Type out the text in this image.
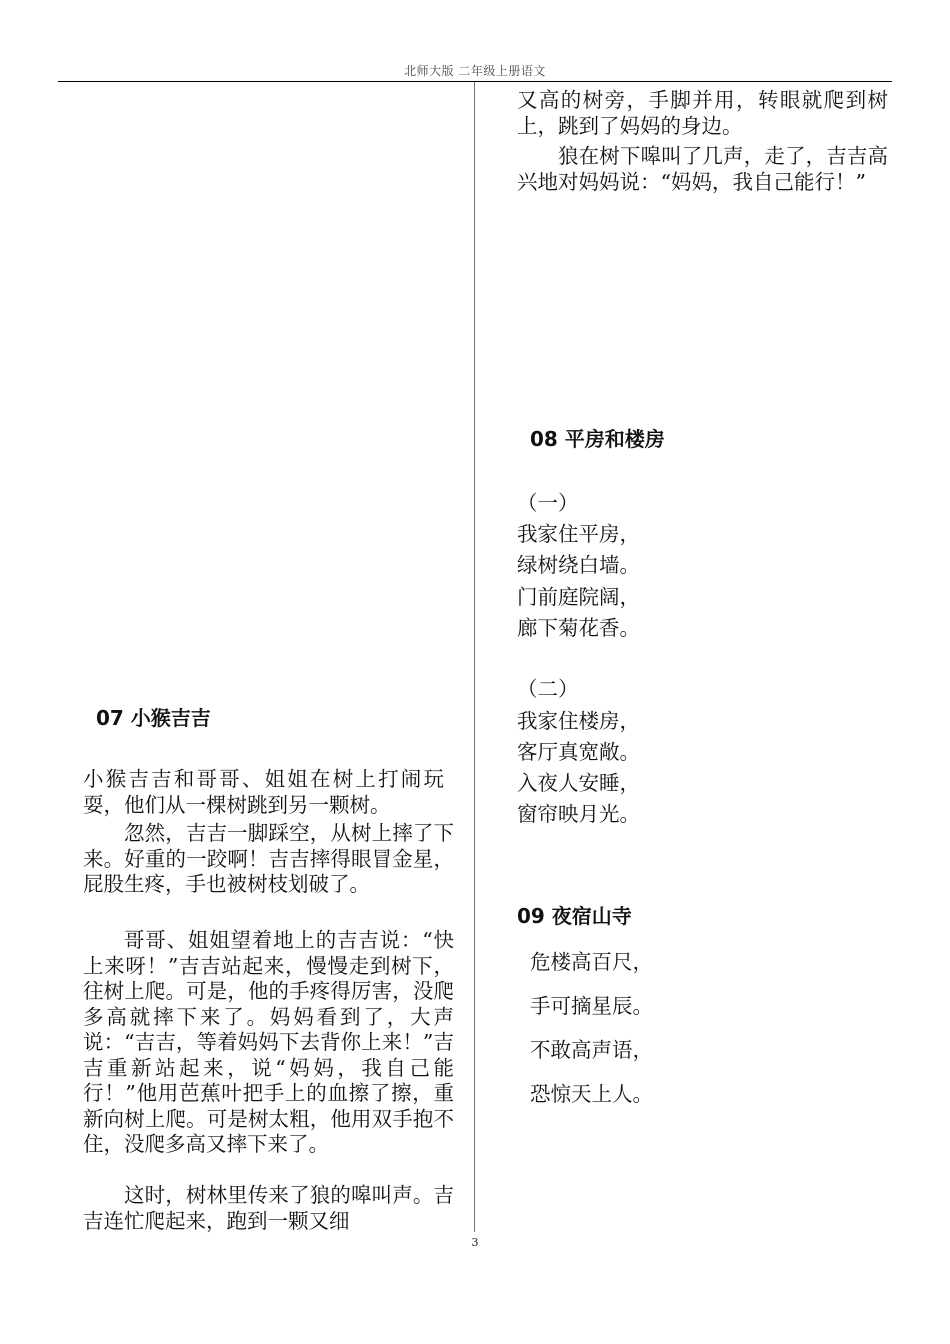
北师大版 二年级上册语文
07 小猴吉吉

小猴吉吉和哥哥、姐姐在树上打闹玩耍，他们从一棵树跳到另一颗树。

忽然，吉吉一脚踩空，从树上摔了下来。好重的一跤啊！吉吉摔得眼冒金星，屁股生疼，手也被树枝划破了。

哥哥、姐姐望着地上的吉吉说：“快上来呀！”吉吉站起来，慢慢走到树下，往树上爬。可是，他的手疼得厉害，没爬多高就摔下来了。妈妈看到了，大声说：“吉吉，等着妈妈下去背你上来！”吉吉重新站起来，说“妈妈，我自己能行！”他用芭蕉叶把手上的血擦了擦，重新向树上爬。可是树太粗，他用双手抱不住，没爬多高又摔下来了。

这时，树林里传来了狼的嗥叫声。吉吉连忙爬起来，跑到一颗又细

又高的树旁，手脚并用，转眼就爬到树上，跳到了妈妈的身边。

狼在树下嗥叫了几声，走了，吉吉高兴地对妈妈说：“妈妈，我自己能行！”

08 平房和楼房
（一）
我家住平房，
绿树绕白墙。
门前庭院阔，
廊下菊花香。
（二）
我家住楼房，
客厅真宽敞。
入夜人安睡，
窗帘映月光。
09 夜宿山寺
危楼高百尺，
手可摘星辰。
不敢高声语，
恐惊天上人。
3
